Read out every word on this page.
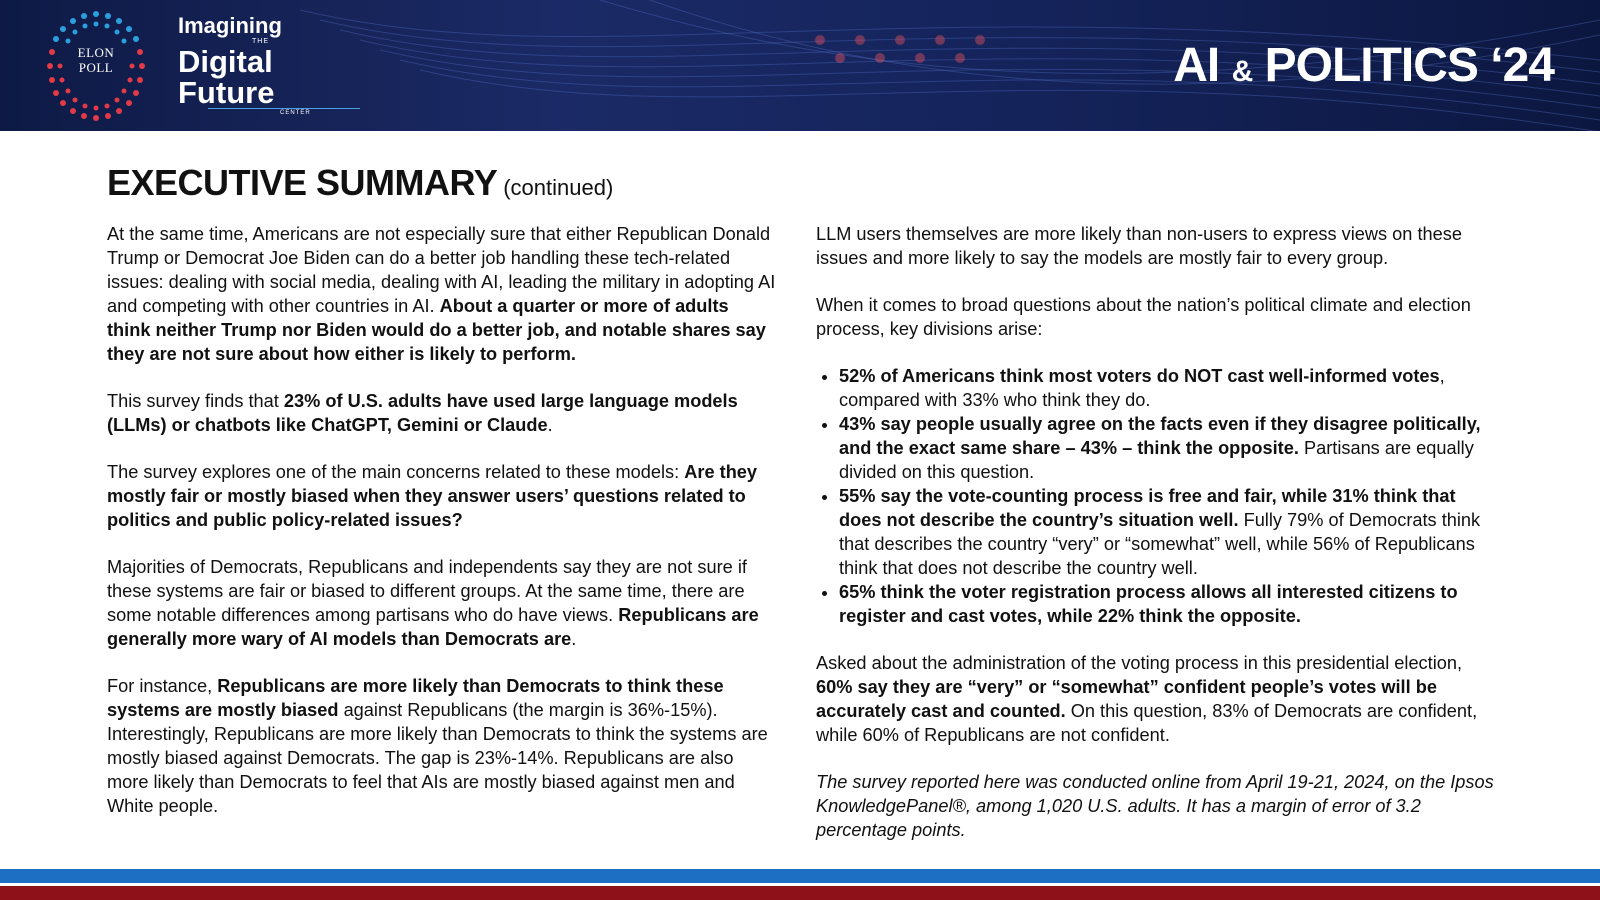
ELON
POLL
Imagining
THE
Digital
Future
CENTER
AI & POLITICS ‘24
EXECUTIVE SUMMARY (continued)

At the same time, Americans are not especially sure that either Republican Donald Trump or Democrat Joe Biden can do a better job handling these tech-related issues: dealing with social media, dealing with AI, leading the military in adopting AI and competing with other countries in AI. About a quarter or more of adults think neither Trump nor Biden would do a better job, and notable shares say they are not sure about how either is likely to perform.

This survey finds that 23% of U.S. adults have used large language models (LLMs) or chatbots like ChatGPT, Gemini or Claude.

The survey explores one of the main concerns related to these models: Are they mostly fair or mostly biased when they answer users’ questions related to politics and public policy-related issues?

Majorities of Democrats, Republicans and independents say they are not sure if these systems are fair or biased to different groups. At the same time, there are some notable differences among partisans who do have views. Republicans are generally more wary of AI models than Democrats are.

For instance, Republicans are more likely than Democrats to think these systems are mostly biased against Republicans (the margin is 36%-15%). Interestingly, Republicans are more likely than Democrats to think the systems are mostly biased against Democrats. The gap is 23%-14%. Republicans are also more likely than Democrats to feel that AIs are mostly biased against men and White people.

LLM users themselves are more likely than non-users to express views on these issues and more likely to say the models are mostly fair to every group.

When it comes to broad questions about the nation’s political climate and election process, key divisions arise:

• 52% of Americans think most voters do NOT cast well-informed votes, compared with 33% who think they do.
• 43% say people usually agree on the facts even if they disagree politically, and the exact same share – 43% – think the opposite. Partisans are equally divided on this question.
• 55% say the vote-counting process is free and fair, while 31% think that does not describe the country’s situation well. Fully 79% of Democrats think that describes the country “very” or “somewhat” well, while 56% of Republicans think that does not describe the country well.
• 65% think the voter registration process allows all interested citizens to register and cast votes, while 22% think the opposite.

Asked about the administration of the voting process in this presidential election, 60% say they are “very” or “somewhat” confident people’s votes will be accurately cast and counted. On this question, 83% of Democrats are confident, while 60% of Republicans are not confident.

The survey reported here was conducted online from April 19-21, 2024, on the Ipsos KnowledgePanel®, among 1,020 U.S. adults. It has a margin of error of 3.2 percentage points.
